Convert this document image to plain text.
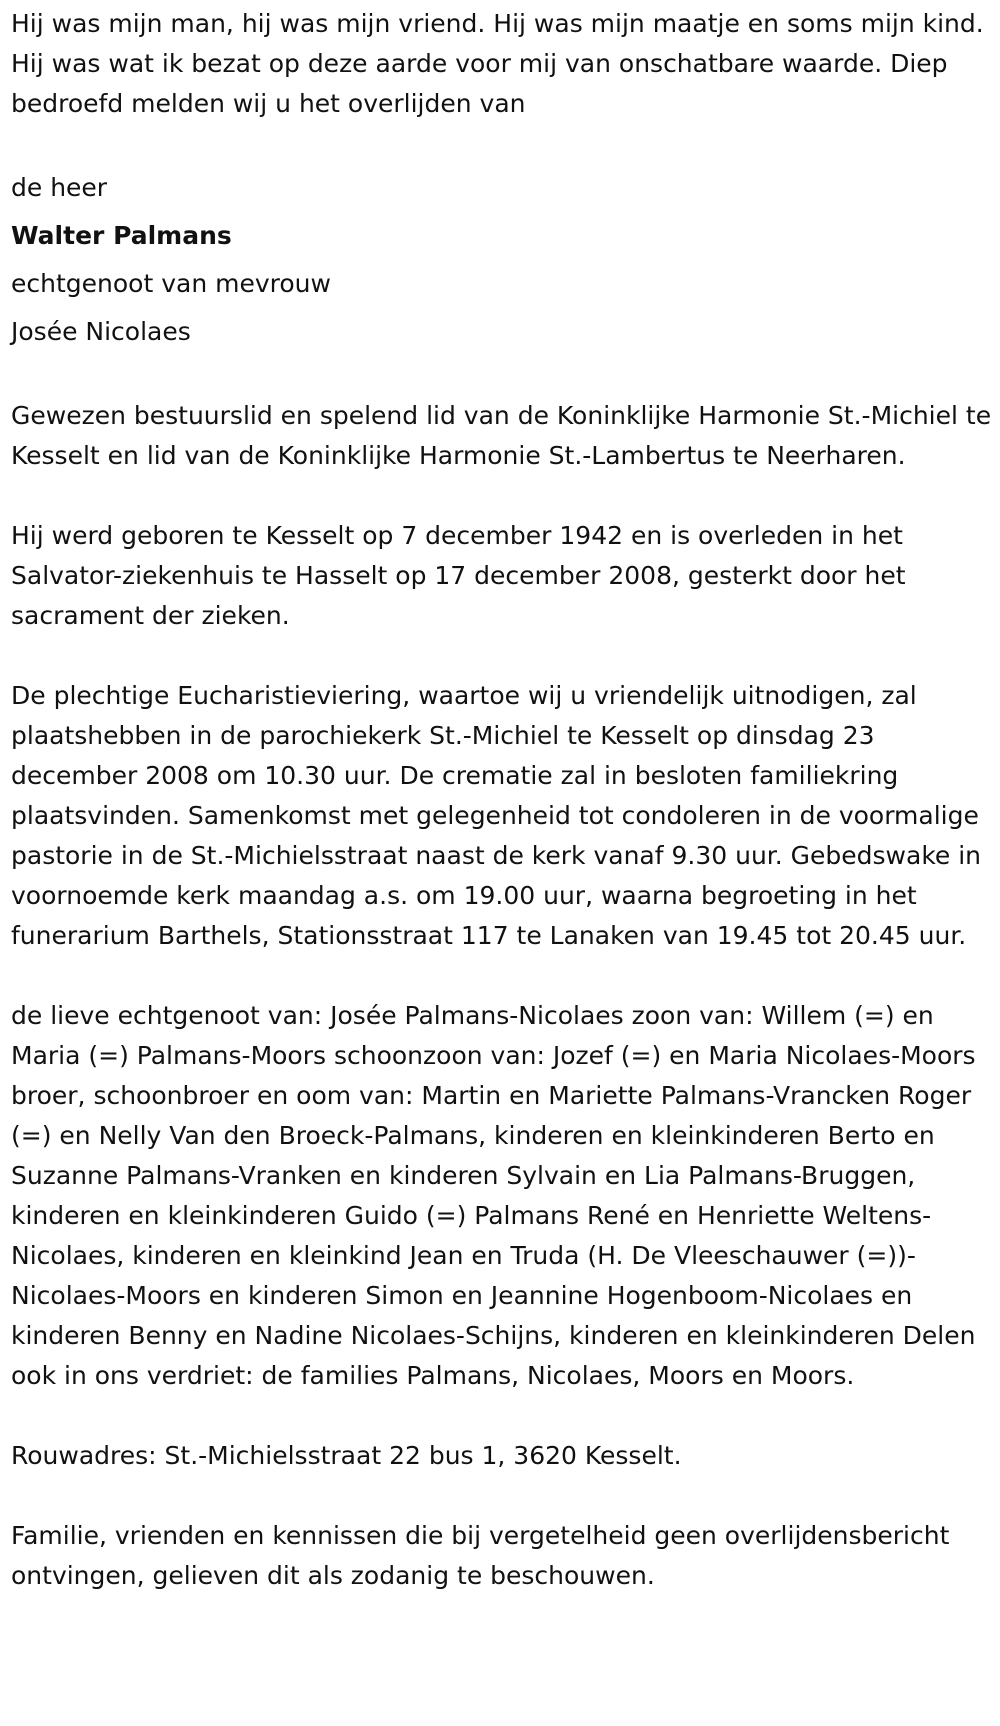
Hij was mijn man, hij was mijn vriend. Hij was mijn maatje en soms mijn kind. Hij was wat ik bezat op deze aarde voor mij van onschatbare waarde. Diep bedroefd melden wij u het overlijden van

de heer

Walter Palmans

echtgenoot van mevrouw

Josée Nicolaes

Gewezen bestuurslid en spelend lid van de Koninklijke Harmonie St.-Michiel te Kesselt en lid van de Koninklijke Harmonie St.-Lambertus te Neerharen.

Hij werd geboren te Kesselt op 7 december 1942 en is overleden in het Salvator-ziekenhuis te Hasselt op 17 december 2008, gesterkt door het sacrament der zieken.

De plechtige Eucharistieviering, waartoe wij u vriendelijk uitnodigen, zal plaatshebben in de parochiekerk St.-Michiel te Kesselt op dinsdag 23 december 2008 om 10.30 uur. De crematie zal in besloten familiekring plaatsvinden. Samenkomst met gelegenheid tot condoleren in de voormalige pastorie in de St.-Michielsstraat naast de kerk vanaf 9.30 uur. Gebedswake in voornoemde kerk maandag a.s. om 19.00 uur, waarna begroeting in het funerarium Barthels, Stationsstraat 117 te Lanaken van 19.45 tot 20.45 uur.

de lieve echtgenoot van: Josée Palmans-Nicolaes zoon van: Willem (=) en Maria (=) Palmans-Moors schoonzoon van: Jozef (=) en Maria Nicolaes-Moors broer, schoonbroer en oom van: Martin en Mariette Palmans-Vrancken Roger (=) en Nelly Van den Broeck-Palmans, kinderen en kleinkinderen Berto en Suzanne Palmans-Vranken en kinderen Sylvain en Lia Palmans-Bruggen, kinderen en kleinkinderen Guido (=) Palmans René en Henriette Weltens-Nicolaes, kinderen en kleinkind Jean en Truda (H. De Vleeschauwer (=))-Nicolaes-Moors en kinderen Simon en Jeannine Hogenboom-Nicolaes en kinderen Benny en Nadine Nicolaes-Schijns, kinderen en kleinkinderen Delen ook in ons verdriet: de families Palmans, Nicolaes, Moors en Moors.

Rouwadres: St.-Michielsstraat 22 bus 1, 3620 Kesselt.

Familie, vrienden en kennissen die bij vergetelheid geen overlijdensbericht ontvingen, gelieven dit als zodanig te beschouwen.
